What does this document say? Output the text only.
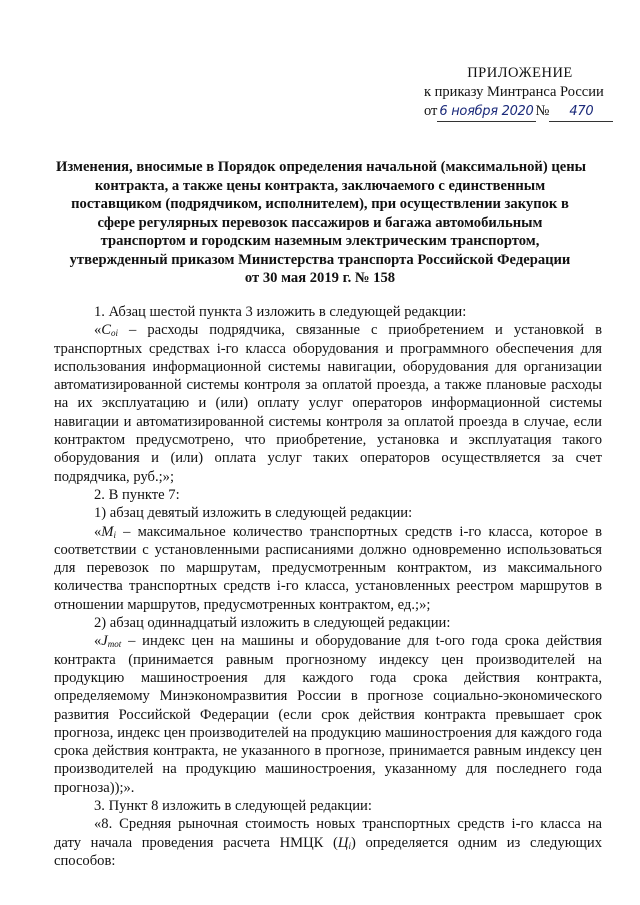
ПРИЛОЖЕНИЕ
к приказу Минтранса России
от 6 ноября 2020 № 470
Изменения, вносимые в Порядок определения начальной (максимальной) цены
контракта, а также цены контракта, заключаемого с единственным
поставщиком (подрядчиком, исполнителем), при осуществлении закупок в
сфере регулярных перевозок пассажиров и багажа автомобильным
транспортом и городским наземным электрическим транспортом,
утвержденный приказом Министерства транспорта Российской Федерации
от 30 мая 2019 г. № 158

1. Абзац шестой пункта 3 изложить в следующей редакции:

«$C_{oi}$ – расходы подрядчика, связанные с приобретением и установкой в транспортных средствах i-го класса оборудования и программного обеспечения для использования информационной системы навигации, оборудования для организации автоматизированной системы контроля за оплатой проезда, а также плановые расходы на их эксплуатацию и (или) оплату услуг операторов информационной системы навигации и автоматизированной системы контроля за оплатой проезда в случае, если контрактом предусмотрено, что приобретение, установка и эксплуатация такого оборудования и (или) оплата услуг таких операторов осуществляется за счет подрядчика, руб.;»;

2. В пункте 7:

1) абзац девятый изложить в следующей редакции:

«$M_i$ – максимальное количество транспортных средств i-го класса, которое в соответствии с установленными расписаниями должно одновременно использоваться для перевозок по маршрутам, предусмотренным контрактом, из максимального количества транспортных средств i-го класса, установленных реестром маршрутов в отношении маршрутов, предусмотренных контрактом, ед.;»;

2) абзац одиннадцатый изложить в следующей редакции:

«$J_{mot}$ – индекс цен на машины и оборудование для t-ого года срока действия контракта (принимается равным прогнозному индексу цен производителей на продукцию машиностроения для каждого года срока действия контракта, определяемому Минэкономразвития России в прогнозе социально-экономического развития Российской Федерации (если срок действия контракта превышает срок прогноза, индекс цен производителей на продукцию машиностроения для каждого года срока действия контракта, не указанного в прогнозе, принимается равным индексу цен производителей на продукцию машиностроения, указанному для последнего года прогноза));».

3. Пункт 8 изложить в следующей редакции:

«8. Средняя рыночная стоимость новых транспортных средств i-го класса на дату начала проведения расчета НМЦК $(Ц_i)$ определяется одним из следующих способов:
